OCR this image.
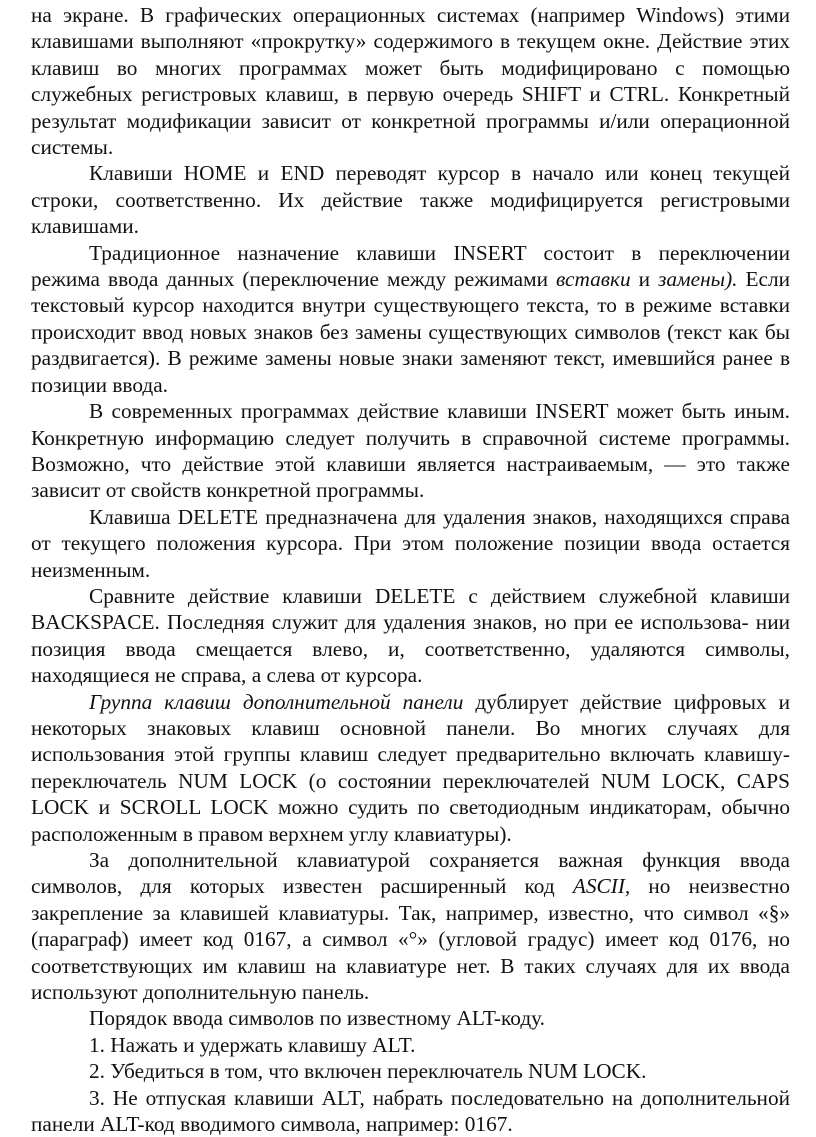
на экране. В графических операционных системах (например Windows) этими клавишами выполняют «прокрутку» содержимого в текущем окне. Действие этих клавиш во многих программах может быть модифицировано с помощью служебных регистровых клавиш, в первую очередь SHIFT и CTRL. Конкретный результат модификации зависит от конкретной программы и/или операционной системы.

Клавиши HOME и END переводят курсор в начало или конец текущей строки, соответственно. Их действие также модифицируется регистровыми клавишами.

Традиционное назначение клавиши INSERT состоит в переключении режима ввода данных (переключение между режимами вставки и замены). Если текстовый курсор находится внутри существующего текста, то в режиме вставки происходит ввод новых знаков без замены существующих символов (текст как бы раздвигается). В режиме замены новые знаки заменяют текст, имевшийся ранее в позиции ввода.

В современных программах действие клавиши INSERT может быть иным. Конкретную информацию следует получить в справочной системе программы. Возможно, что действие этой клавиши является настраиваемым, — это также зависит от свойств конкретной программы.

Клавиша DELETE предназначена для удаления знаков, находящихся справа от текущего положения курсора. При этом положение позиции ввода остается неизменным.

Сравните действие клавиши DELETE с действием служебной клавиши BACKSPACE. Последняя служит для удаления знаков, но при ее использова- нии позиция ввода смещается влево, и, соответственно, удаляются символы, находящиеся не справа, а слева от курсора.

Группа клавиш дополнительной панели дублирует действие цифровых и некоторых знаковых клавиш основной панели. Во многих случаях для использования этой группы клавиш следует предварительно включать клавишу-переключатель NUM LOCK (о состоянии переключателей NUM LOCK, CAPS LOCK и SCROLL LOCK можно судить по светодиодным индикаторам, обычно расположенным в правом верхнем углу клавиатуры).

За дополнительной клавиатурой сохраняется важная функция ввода символов, для которых известен расширенный код ASCII, но неизвестно закрепление за клавишей клавиатуры. Так, например, известно, что символ «§» (параграф) имеет код 0167, а символ «°» (угловой градус) имеет код 0176, но соответствующих им клавиш на клавиатуре нет. В таких случаях для их ввода используют дополнительную панель.

Порядок ввода символов по известному ALT-коду.

1. Нажать и удержать клавишу ALT.

2. Убедиться в том, что включен переключатель NUM LOCK.

3. Не отпуская клавиши ALT, набрать последовательно на дополнительной панели ALT-код вводимого символа, например: 0167.
